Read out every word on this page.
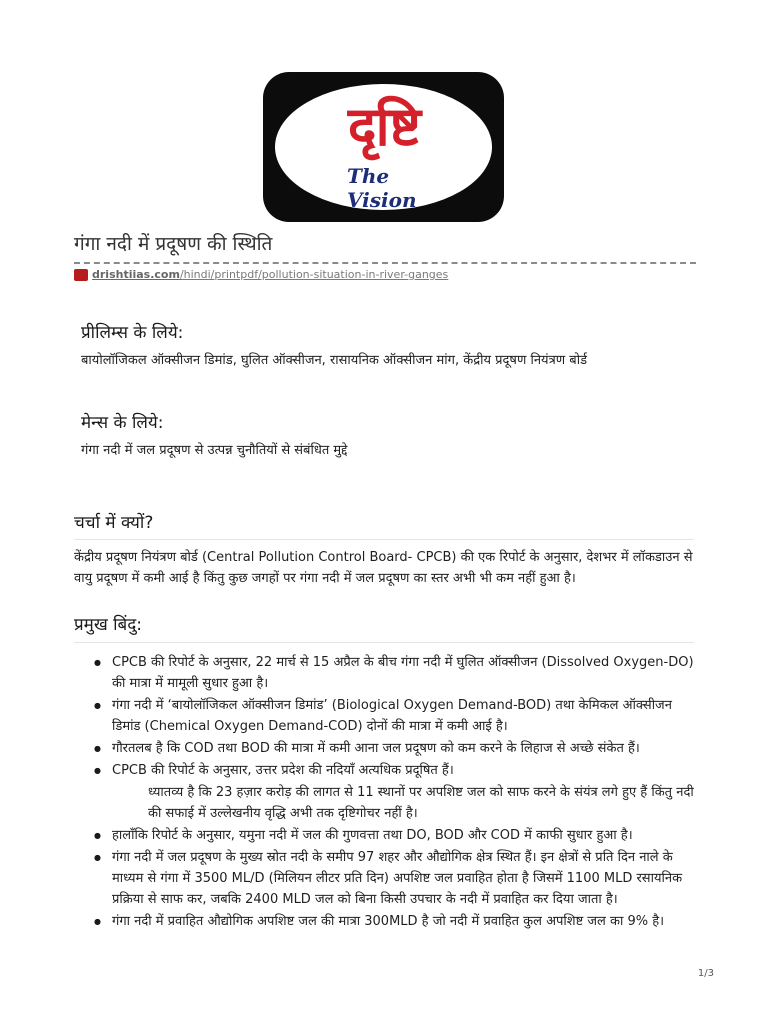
दृष्टि
The Vision
गंगा नदी में प्रदूषण की स्थिति
drishtiias.com/hindi/printpdf/pollution-situation-in-river-ganges
प्रीलिम्स के लिये:
बायोलॉजिकल ऑक्सीजन डिमांड, घुलित ऑक्सीजन, रासायनिक ऑक्सीजन मांग, केंद्रीय प्रदूषण नियंत्रण बोर्ड
मेन्स के लिये:
गंगा नदी में जल प्रदूषण से उत्पन्न चुनौतियों से संबंधित मुद्दे
चर्चा में क्यों?
केंद्रीय प्रदूषण नियंत्रण बोर्ड (Central Pollution Control Board- CPCB) की एक रिपोर्ट के अनुसार, देशभर में लॉकडाउन से वायु प्रदूषण में कमी आई है किंतु कुछ जगहों पर गंगा नदी में जल प्रदूषण का स्तर अभी भी कम नहीं हुआ है।
प्रमुख बिंदु:
● CPCB की रिपोर्ट के अनुसार, 22 मार्च से 15 अप्रैल के बीच गंगा नदी में घुलित ऑक्सीजन (Dissolved Oxygen-DO) की मात्रा में मामूली सुधार हुआ है।
● गंगा नदी में ‘बायोलॉजिकल ऑक्सीजन डिमांड’ (Biological Oxygen Demand-BOD) तथा केमिकल ऑक्सीजन डिमांड (Chemical Oxygen Demand-COD) दोनों की मात्रा में कमी आई है।
● गौरतलब है कि COD तथा BOD की मात्रा में कमी आना जल प्रदूषण को कम करने के लिहाज से अच्छे संकेत हैं।
● CPCB की रिपोर्ट के अनुसार, उत्तर प्रदेश की नदियाँ अत्यधिक प्रदूषित हैं।
ध्यातव्य है कि 23 हज़ार करोड़ की लागत से 11 स्थानों पर अपशिष्ट जल को साफ करने के संयंत्र लगे हुए हैं किंतु नदी की सफाई में उल्लेखनीय वृद्धि अभी तक दृष्टिगोचर नहीं है।
● हालाँकि रिपोर्ट के अनुसार, यमुना नदी में जल की गुणवत्ता तथा DO, BOD और COD में काफी सुधार हुआ है।
● गंगा नदी में जल प्रदूषण के मुख्य स्रोत नदी के समीप 97 शहर और औद्योगिक क्षेत्र स्थित हैं। इन क्षेत्रों से प्रति दिन नाले के माध्यम से गंगा में 3500 ML/D (मिलियन लीटर प्रति दिन) अपशिष्ट जल प्रवाहित होता है जिसमें 1100 MLD रसायनिक प्रक्रिया से साफ कर, जबकि 2400 MLD जल को बिना किसी उपचार के नदी में प्रवाहित कर दिया जाता है।
● गंगा नदी में प्रवाहित औद्योगिक अपशिष्ट जल की मात्रा 300MLD है जो नदी में प्रवाहित कुल अपशिष्ट जल का 9% है।
1/3
